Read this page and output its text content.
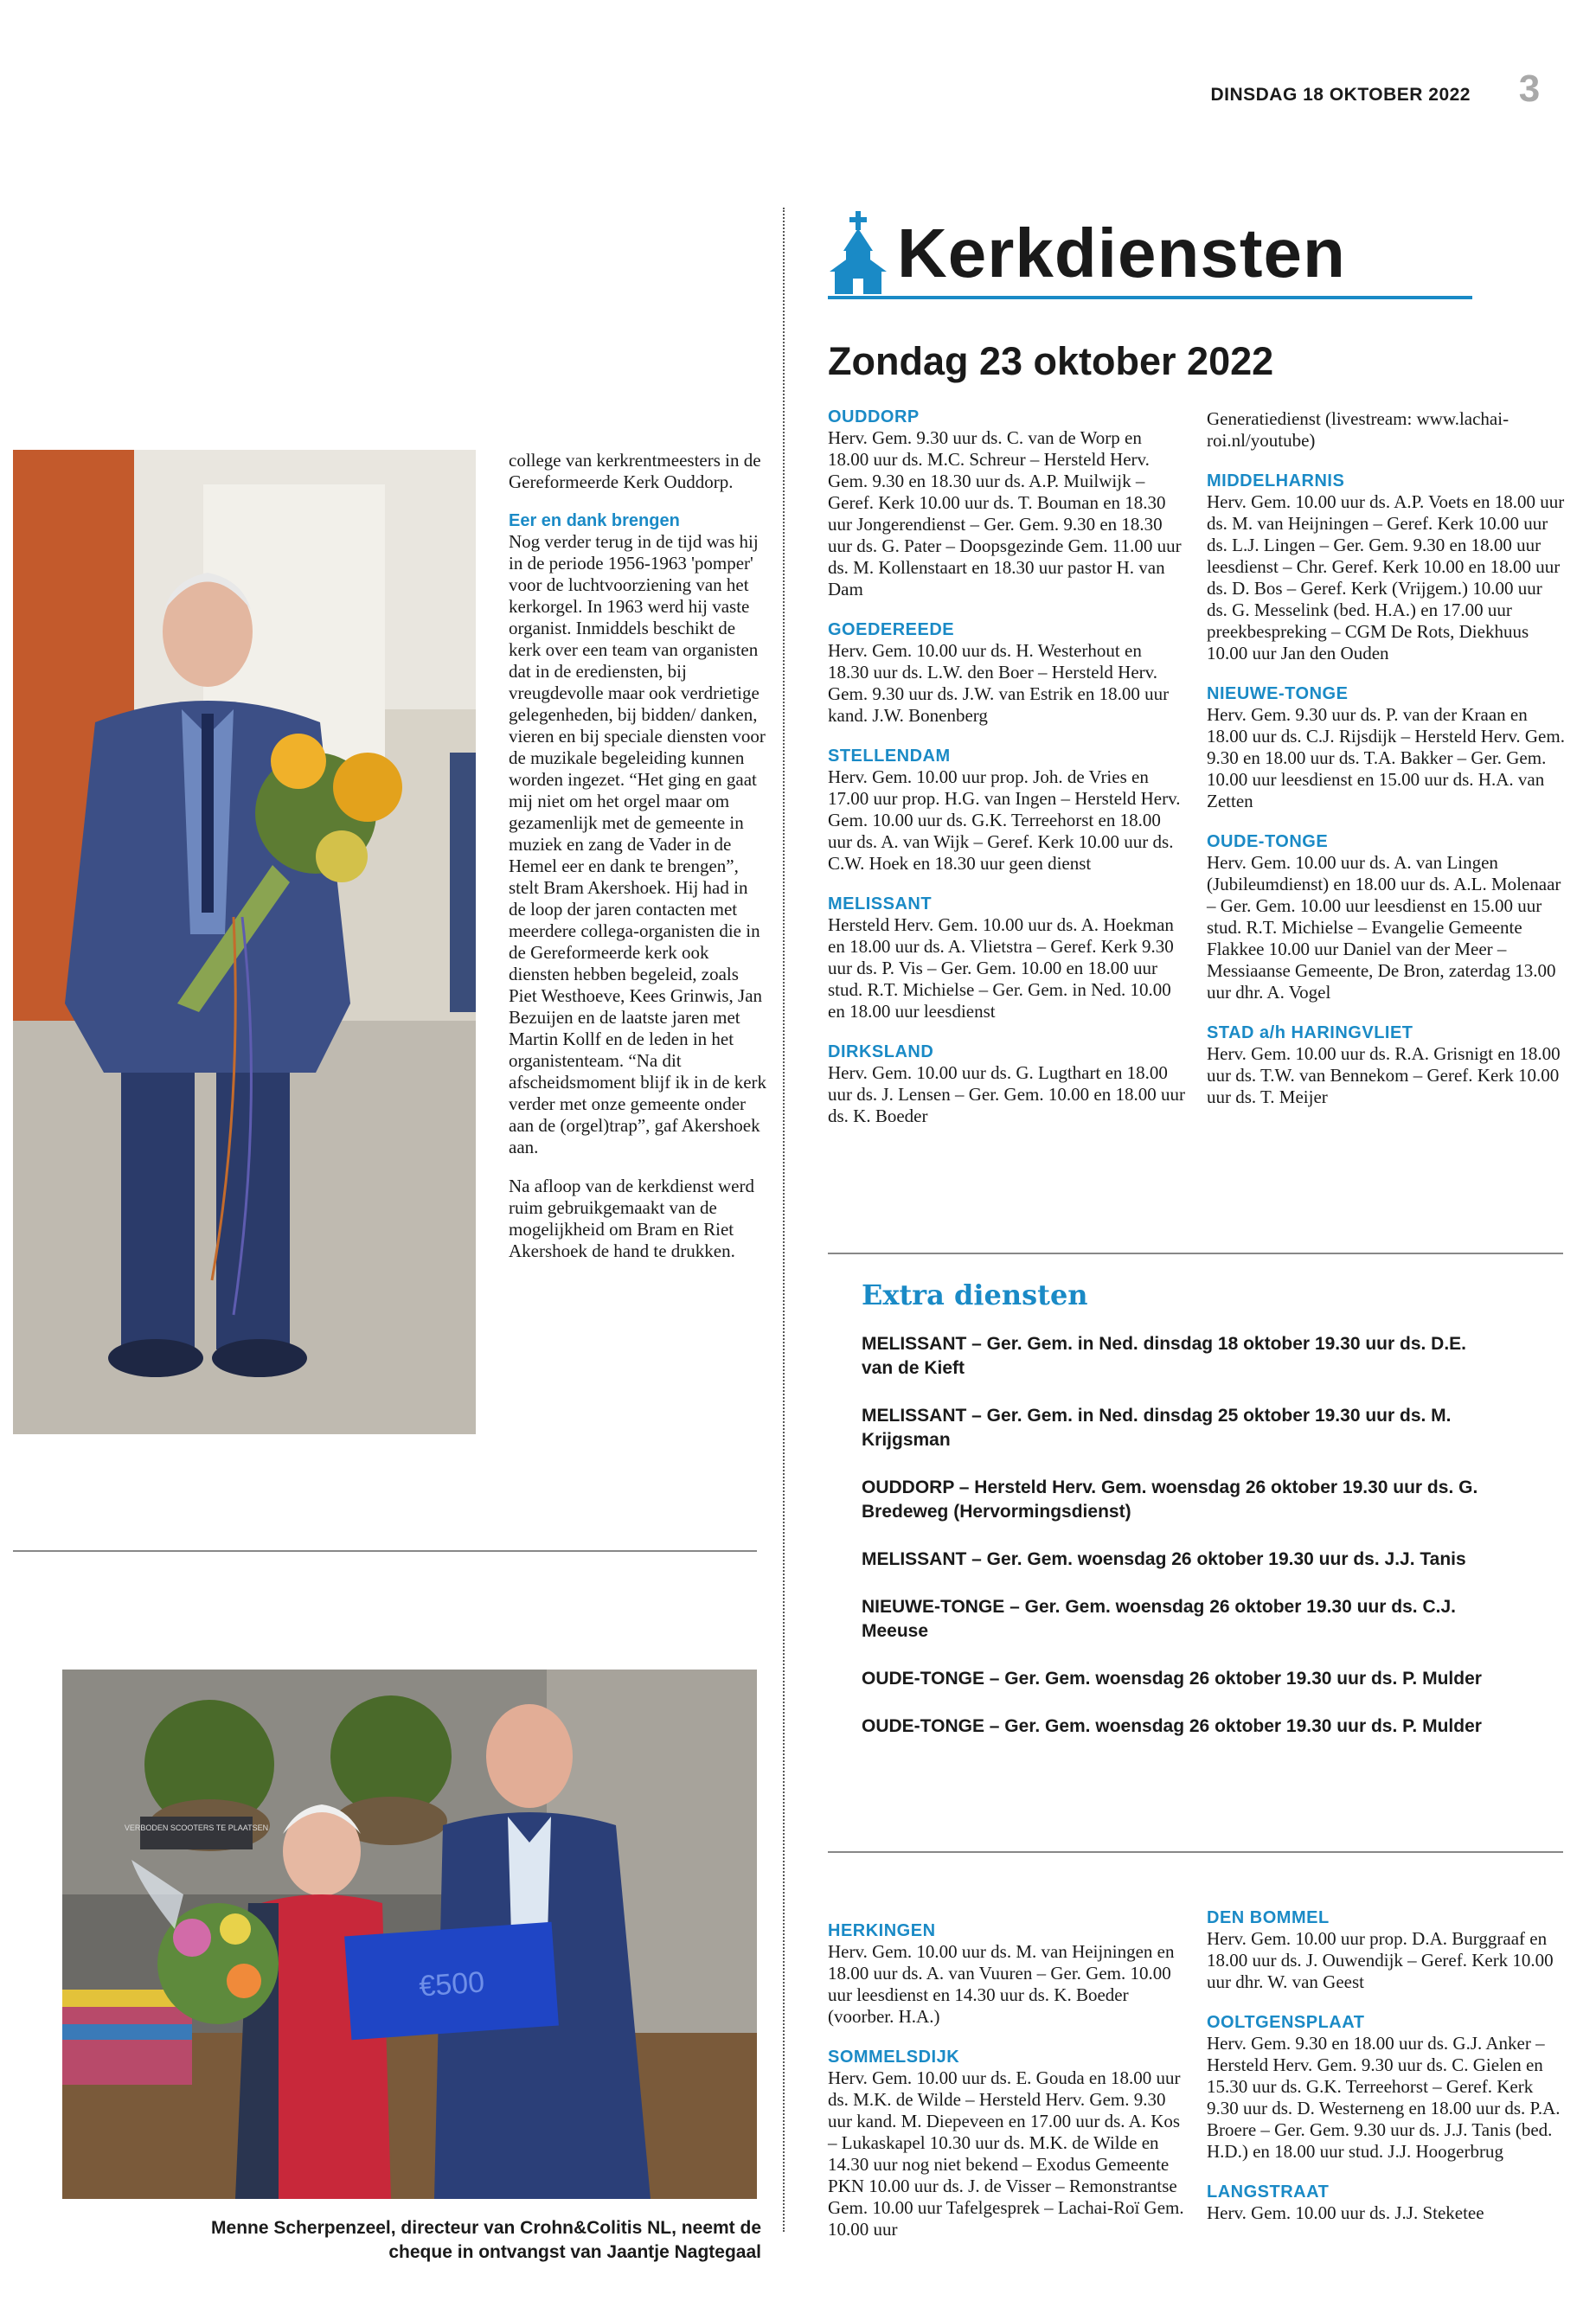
DINSDAG 18 OKTOBER 2022 3
Kerkdiensten
Zondag 23 oktober 2022
OUDDORP
Herv. Gem. 9.30 uur ds. C. van de Worp en 18.00 uur ds. M.C. Schreur – Hersteld Herv. Gem. 9.30 en 18.30 uur ds. A.P. Muilwijk – Geref. Kerk 10.00 uur ds. T. Bouman en 18.30 uur Jongerendienst – Ger. Gem. 9.30 en 18.30 uur ds. G. Pater – Doopsgezinde Gem. 11.00 uur ds. M. Kollenstaart en 18.30 uur pastor H. van Dam
GOEDEREEDE
Herv. Gem. 10.00 uur ds. H. Westerhout en 18.30 uur ds. L.W. den Boer – Hersteld Herv. Gem. 9.30 uur ds. J.W. van Estrik en 18.00 uur kand. J.W. Bonenberg
STELLENDAM
Herv. Gem. 10.00 uur prop. Joh. de Vries en 17.00 uur prop. H.G. van Ingen – Hersteld Herv. Gem. 10.00 uur ds. G.K. Terreehorst en 18.00 uur ds. A. van Wijk – Geref. Kerk 10.00 uur ds. C.W. Hoek en 18.30 uur geen dienst
MELISSANT
Hersteld Herv. Gem. 10.00 uur ds. A. Hoekman en 18.00 uur ds. A. Vlietstra – Geref. Kerk 9.30 uur ds. P. Vis – Ger. Gem. 10.00 en 18.00 uur stud. R.T. Michielse – Ger. Gem. in Ned. 10.00 en 18.00 uur leesdienst
DIRKSLAND
Herv. Gem. 10.00 uur ds. G. Lugthart en 18.00 uur ds. J. Lensen – Ger. Gem. 10.00 en 18.00 uur ds. K. Boeder
Generatiedienst (livestream: www.lachai-roi.nl/youtube)
MIDDELHARNIS
Herv. Gem. 10.00 uur ds. A.P. Voets en 18.00 uur ds. M. van Heijningen – Geref. Kerk 10.00 uur ds. L.J. Lingen – Ger. Gem. 9.30 en 18.00 uur leesdienst – Chr. Geref. Kerk 10.00 en 18.00 uur ds. D. Bos – Geref. Kerk (Vrijgem.) 10.00 uur ds. G. Messelink (bed. H.A.) en 17.00 uur preekbespreking – CGM De Rots, Diekhuus 10.00 uur Jan den Ouden
NIEUWE-TONGE
Herv. Gem. 9.30 uur ds. P. van der Kraan en 18.00 uur ds. C.J. Rijsdijk – Hersteld Herv. Gem. 9.30 en 18.00 uur ds. T.A. Bakker – Ger. Gem. 10.00 uur leesdienst en 15.00 uur ds. H.A. van Zetten
OUDE-TONGE
Herv. Gem. 10.00 uur ds. A. van Lingen (Jubileumdienst) en 18.00 uur ds. A.L. Molenaar – Ger. Gem. 10.00 uur leesdienst en 15.00 uur stud. R.T. Michielse – Evangelie Gemeente Flakkee 10.00 uur Daniel van der Meer – Messiaanse Gemeente, De Bron, zaterdag 13.00 uur dhr. A. Vogel
STAD a/h HARINGVLIET
Herv. Gem. 10.00 uur ds. R.A. Grisnigt en 18.00 uur ds. T.W. van Bennekom – Geref. Kerk 10.00 uur ds. T. Meijer
Extra diensten
MELISSANT – Ger. Gem. in Ned. dinsdag 18 oktober 19.30 uur ds. D.E. van de Kieft
MELISSANT – Ger. Gem. in Ned. dinsdag 25 oktober 19.30 uur ds. M. Krijgsman
OUDDORP – Hersteld Herv. Gem. woensdag 26 oktober 19.30 uur ds. G. Bredeweg (Hervormingsdienst)
MELISSANT – Ger. Gem. woensdag 26 oktober 19.30 uur ds. J.J. Tanis
NIEUWE-TONGE – Ger. Gem. woensdag 26 oktober 19.30 uur ds. C.J. Meeuse
OUDE-TONGE – Ger. Gem. woensdag 26 oktober 19.30 uur ds. P. Mulder
OUDE-TONGE – Ger. Gem. woensdag 26 oktober 19.30 uur ds. P. Mulder
HERKINGEN
Herv. Gem. 10.00 uur ds. M. van Heijningen en 18.00 uur ds. A. van Vuuren – Ger. Gem. 10.00 uur leesdienst en 14.30 uur ds. K. Boeder (voorber. H.A.)
SOMMELSDIJK
Herv. Gem. 10.00 uur ds. E. Gouda en 18.00 uur ds. M.K. de Wilde – Hersteld Herv. Gem. 9.30 uur kand. M. Diepeveen en 17.00 uur ds. A. Kos – Lukaskapel 10.30 uur ds. M.K. de Wilde en 14.30 uur nog niet bekend – Exodus Gemeente PKN 10.00 uur ds. J. de Visser – Remonstrantse Gem. 10.00 uur Tafelgesprek – Lachai-Roï Gem. 10.00 uur
DEN BOMMEL
Herv. Gem. 10.00 uur prop. D.A. Burggraaf en 18.00 uur ds. J. Ouwendijk – Geref. Kerk 10.00 uur dhr. W. van Geest
OOLTGENSPLAAT
Herv. Gem. 9.30 en 18.00 uur ds. G.J. Anker – Hersteld Herv. Gem. 9.30 uur ds. C. Gielen en 15.30 uur ds. G.K. Terreehorst – Geref. Kerk 9.30 uur ds. D. Westerneng en 18.00 uur ds. P.A. Broere – Ger. Gem. 9.30 uur ds. J.J. Tanis (bed. H.D.) en 18.00 uur stud. J.J. Hoogerbrug
LANGSTRAAT
Herv. Gem. 10.00 uur ds. J.J. Steketee

college van kerkrentmeesters in de Gereformeerde Kerk Ouddorp.

Eer en dank brengen

Nog verder terug in de tijd was hij in de periode 1956-1963 'pomper' voor de luchtvoorziening van het kerkorgel. In 1963 werd hij vaste organist. Inmiddels beschikt de kerk over een team van organisten dat in de erediensten, bij vreugdevolle maar ook verdrietige gelegenheden, bij bidden/ danken, vieren en bij speciale diensten voor de muzikale begeleiding kunnen worden ingezet. “Het ging en gaat mij niet om het orgel maar om gezamenlijk met de gemeente in muziek en zang de Vader in de Hemel eer en dank te brengen”, stelt Bram Akershoek. Hij had in de loop der jaren contacten met meerdere collega-organisten die in de Gereformeerde kerk ook diensten hebben begeleid, zoals Piet Westhoeve, Kees Grinwis, Jan Bezuijen en de laatste jaren met Martin Kollf en de leden in het organistenteam. “Na dit afscheidsmoment blijf ik in de kerk verder met onze gemeente onder aan de (orgel)trap”, gaf Akershoek aan.

Na afloop van de kerkdienst werd ruim gebruikgemaakt van de mogelijkheid om Bram en Riet Akershoek de hand te drukken.

VERBODEN SCOOTERS TE PLAATSEN
€500
Menne Scherpenzeel, directeur van Crohn&Colitis NL, neemt de cheque in ontvangst van Jaantje Nagtegaal
